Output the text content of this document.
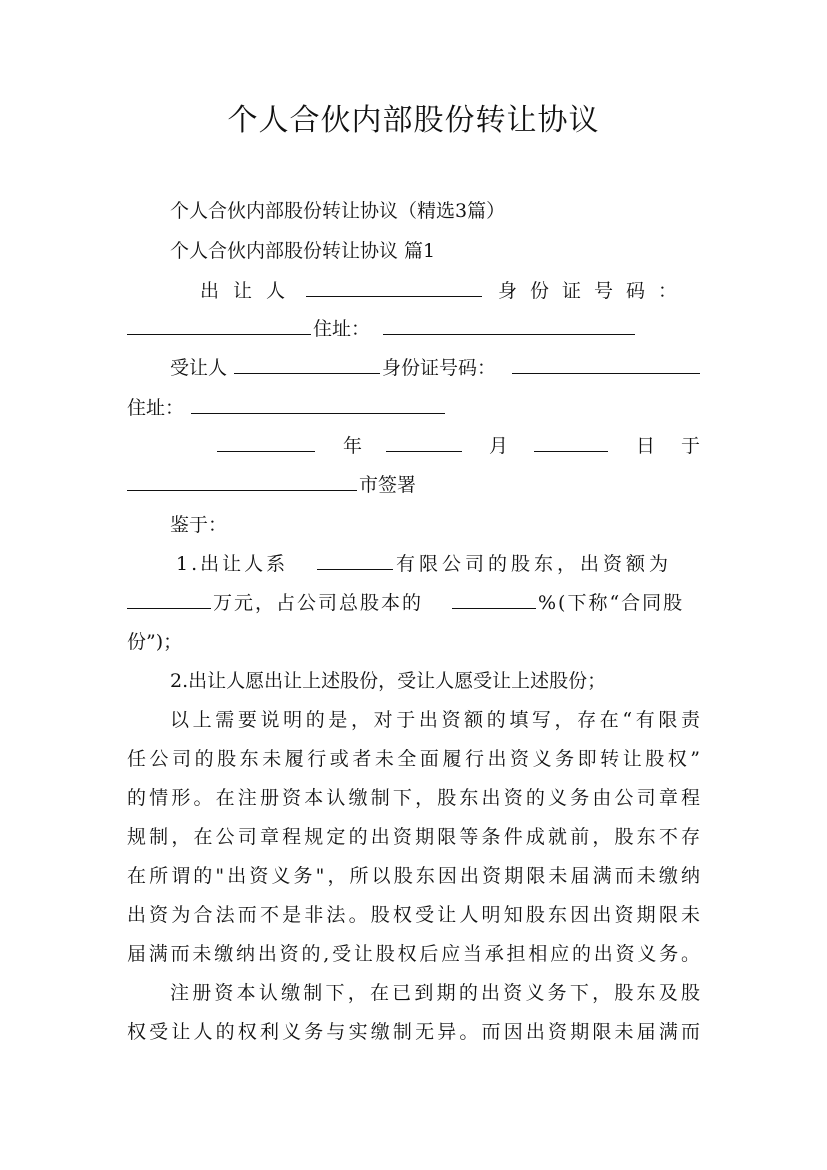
个人合伙内部股份转让协议
个人合伙内部股份转让协议（精选3篇）
个人合伙内部股份转让协议 篇1
出让人	身份证号码：
住址：
受让人	身份证号码：
住址：
年	月	日于
市签署
鉴于：
1.出让人系	有限公司的股东，出资额为
万元，占公司总股本的	%(下称“合同股
份”)；
2.出让人愿出让上述股份，受让人愿受让上述股份；
以上需要说明的是，对于出资额的填写，存在“有限责
任公司的股东未履行或者未全面履行出资义务即转让股权”
的情形。在注册资本认缴制下，股东出资的义务由公司章程
规制，在公司章程规定的出资期限等条件成就前，股东不存
在所谓的"出资义务"，所以股东因出资期限未届满而未缴纳
出资为合法而不是非法。股权受让人明知股东因出资期限未
届满而未缴纳出资的,受让股权后应当承担相应的出资义务。
注册资本认缴制下，在已到期的出资义务下，股东及股
权受让人的权利义务与实缴制无异。而因出资期限未届满而
